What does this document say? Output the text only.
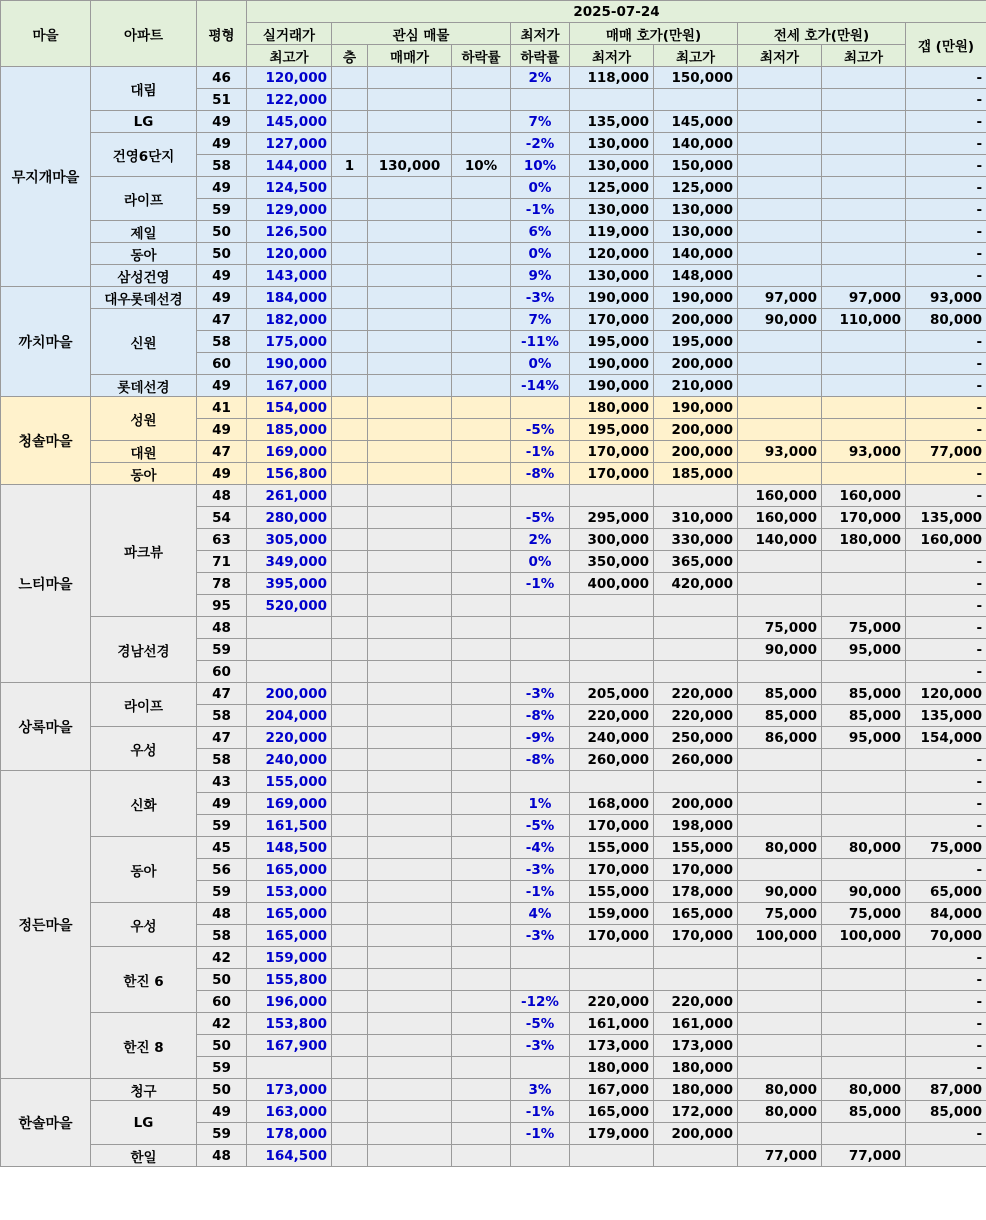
마을	아파트	평형	2025-07-24									
			실거래가	관심 매물			최저가	매매 호가(만원)		전세 호가(만원)		갭 (만원)
			최고가	층	매매가	하락률	하락률	최저가	최고가	최저가	최고가	
무지개마을	대림	46	120,000				2%	118,000	150,000			-
		51	122,000									-
	LG	49	145,000				7%	135,000	145,000			-
	건영6단지	49	127,000				-2%	130,000	140,000			-
		58	144,000	1	130,000	10%	10%	130,000	150,000			-
	라이프	49	124,500				0%	125,000	125,000			-
		59	129,000				-1%	130,000	130,000			-
	제일	50	126,500				6%	119,000	130,000			-
	동아	50	120,000				0%	120,000	140,000			-
	삼성건영	49	143,000				9%	130,000	148,000			-
까치마을	대우롯데선경	49	184,000				-3%	190,000	190,000	97,000	97,000	93,000
	신원	47	182,000				7%	170,000	200,000	90,000	110,000	80,000
		58	175,000				-11%	195,000	195,000			-
		60	190,000				0%	190,000	200,000			-
	롯데선경	49	167,000				-14%	190,000	210,000			-
청솔마을	성원	41	154,000					180,000	190,000			-
		49	185,000				-5%	195,000	200,000			-
	대원	47	169,000				-1%	170,000	200,000	93,000	93,000	77,000
	동아	49	156,800				-8%	170,000	185,000			-
느티마을	파크뷰	48	261,000							160,000	160,000	-
		54	280,000				-5%	295,000	310,000	160,000	170,000	135,000
		63	305,000				2%	300,000	330,000	140,000	180,000	160,000
		71	349,000				0%	350,000	365,000			-
		78	395,000				-1%	400,000	420,000			-
		95	520,000									-
	경남선경	48								75,000	75,000	-
		59								90,000	95,000	-
		60										-
상록마을	라이프	47	200,000				-3%	205,000	220,000	85,000	85,000	120,000
		58	204,000				-8%	220,000	220,000	85,000	85,000	135,000
	우성	47	220,000				-9%	240,000	250,000	86,000	95,000	154,000
		58	240,000				-8%	260,000	260,000			-
정든마을	신화	43	155,000									-
		49	169,000				1%	168,000	200,000			-
		59	161,500				-5%	170,000	198,000			-
	동아	45	148,500				-4%	155,000	155,000	80,000	80,000	75,000
		56	165,000				-3%	170,000	170,000			-
		59	153,000				-1%	155,000	178,000	90,000	90,000	65,000
	우성	48	165,000				4%	159,000	165,000	75,000	75,000	84,000
		58	165,000				-3%	170,000	170,000	100,000	100,000	70,000
	한진 6	42	159,000									-
		50	155,800									-
		60	196,000				-12%	220,000	220,000			-
	한진 8	42	153,800				-5%	161,000	161,000			-
		50	167,900				-3%	173,000	173,000			-
		59						180,000	180,000			-
한솔마을	청구	50	173,000				3%	167,000	180,000	80,000	80,000	87,000
	LG	49	163,000				-1%	165,000	172,000	80,000	85,000	85,000
		59	178,000				-1%	179,000	200,000			-
	한일	48	164,500							77,000	77,000	
